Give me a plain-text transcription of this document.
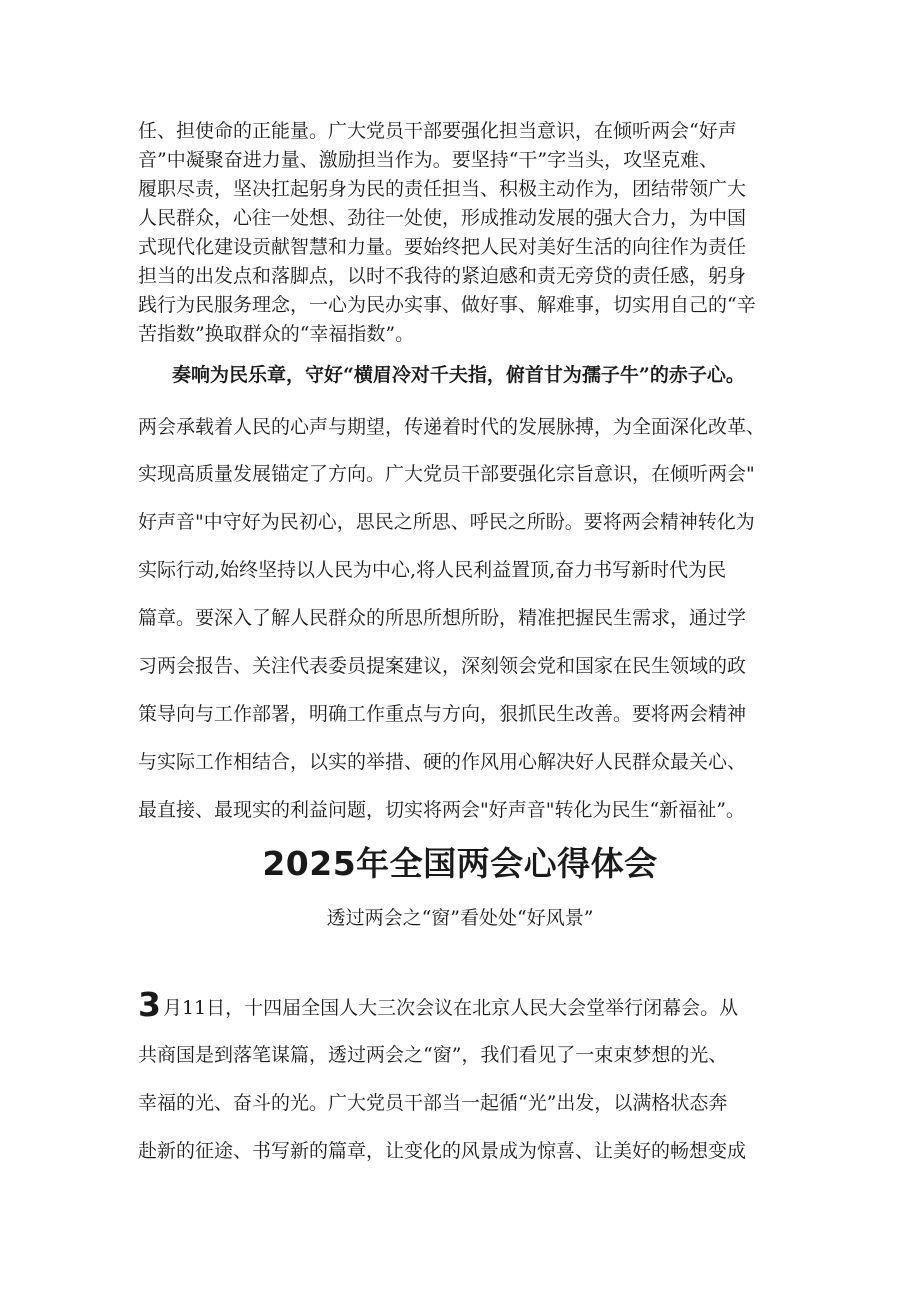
任、担使命的正能量。广大党员干部要强化担当意识，在倾听两会“好声
音”中凝聚奋进力量、激励担当作为。要坚持“干”字当头，攻坚克难、
履职尽责，坚决扛起躬身为民的责任担当、积极主动作为，团结带领广大
人民群众，心往一处想、劲往一处使，形成推动发展的强大合力，为中国
式现代化建设贡献智慧和力量。要始终把人民对美好生活的向往作为责任
担当的出发点和落脚点，以时不我待的紧迫感和责无旁贷的责任感，躬身
践行为民服务理念，一心为民办实事、做好事、解难事，切实用自己的“辛
苦指数”换取群众的“幸福指数”。
奏响为民乐章，守好“横眉冷对千夫指，俯首甘为孺子牛”的赤子心。
两会承载着人民的心声与期望，传递着时代的发展脉搏，为全面深化改革、
实现高质量发展锚定了方向。广大党员干部要强化宗旨意识，在倾听两会"
好声音"中守好为民初心，思民之所思、呼民之所盼。要将两会精神转化为
实际行动,始终坚持以人民为中心,将人民利益置顶,奋力书写新时代为民
篇章。要深入了解人民群众的所思所想所盼，精准把握民生需求，通过学
习两会报告、关注代表委员提案建议，深刻领会党和国家在民生领域的政
策导向与工作部署，明确工作重点与方向，狠抓民生改善。要将两会精神
与实际工作相结合，以实的举措、硬的作风用心解决好人民群众最关心、
最直接、最现实的利益问题，切实将两会"好声音"转化为民生“新福祉”。
2025年全国两会心得体会
透过两会之“窗”看处处“好风景”
3 月11日，十四届全国人大三次会议在北京人民大会堂举行闭幕会。从
共商国是到落笔谋篇，透过两会之“窗”，我们看见了一束束梦想的光、
幸福的光、奋斗的光。广大党员干部当一起循“光”出发，以满格状态奔
赴新的征途、书写新的篇章，让变化的风景成为惊喜、让美好的畅想变成
